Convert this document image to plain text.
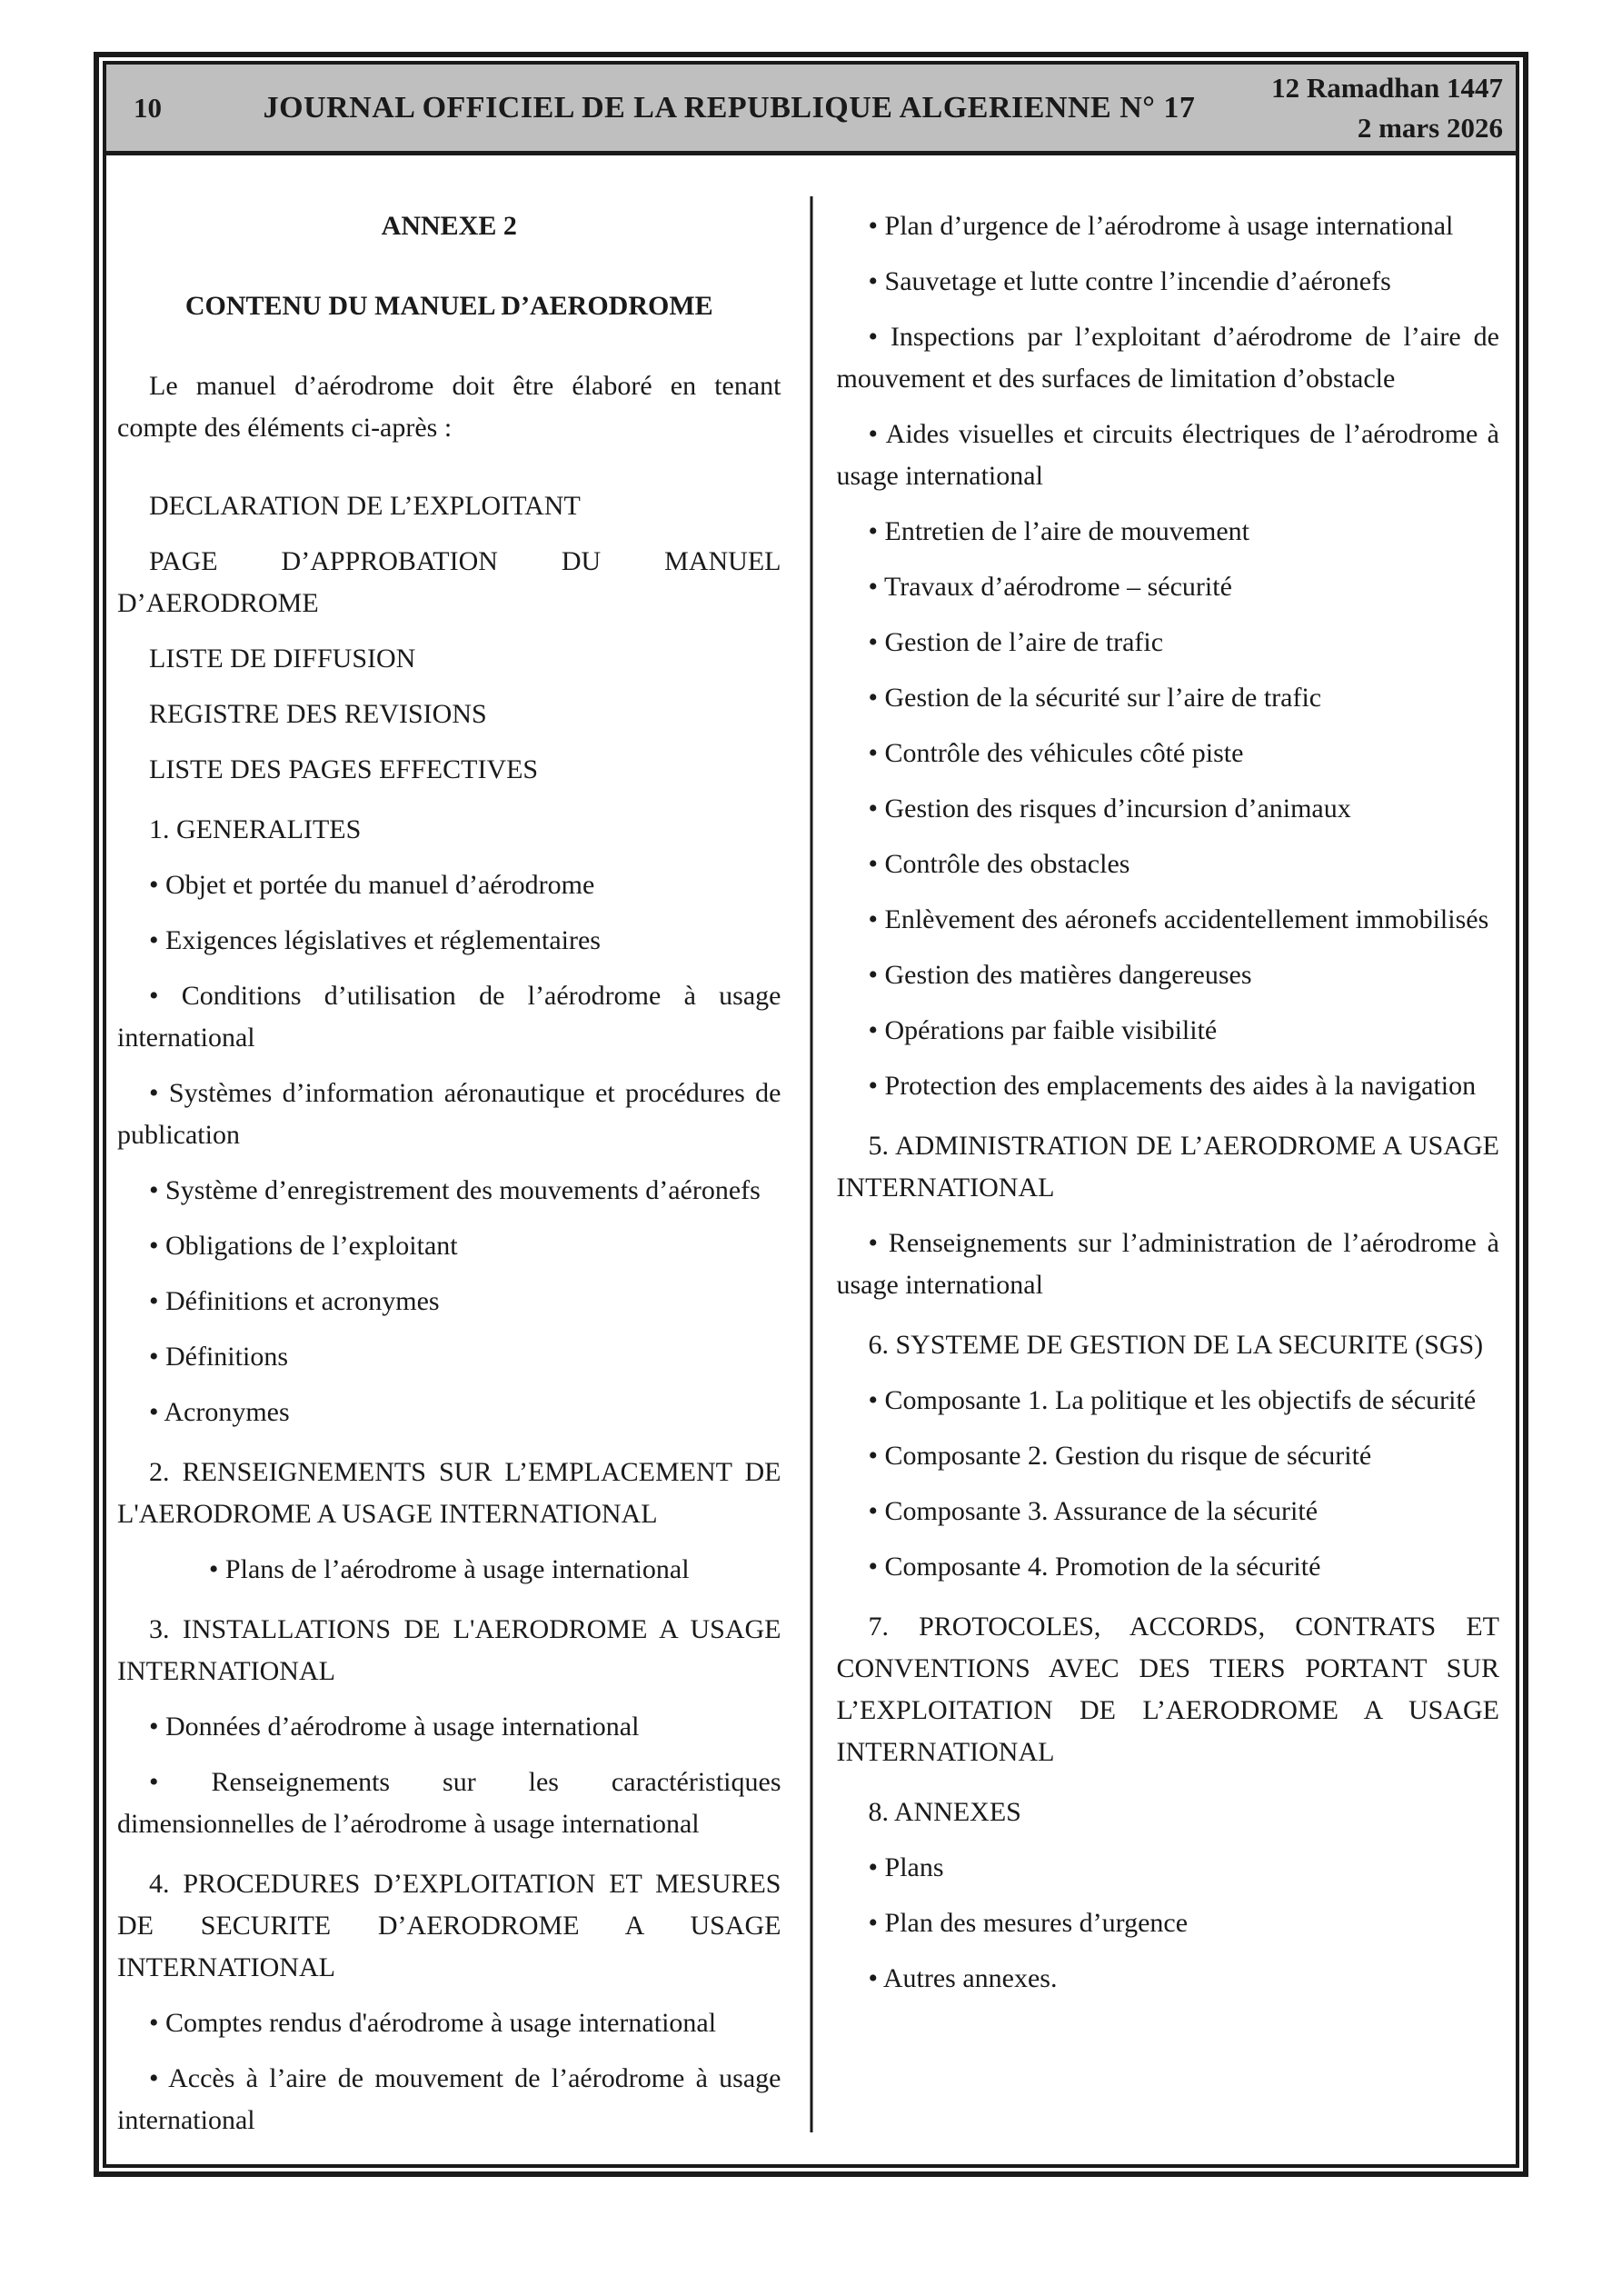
10	JOURNAL OFFICIEL DE LA REPUBLIQUE ALGERIENNE N° 17
12 Ramadhan 1447
2 mars 2026

ANNEXE 2

CONTENU DU MANUEL D’AERODROME

Le manuel d’aérodrome doit être élaboré en tenant compte des éléments ci-après :

DECLARATION DE L’EXPLOITANT

PAGE D’APPROBATION DU MANUEL D’AERODROME

LISTE DE DIFFUSION

REGISTRE DES REVISIONS

LISTE DES PAGES EFFECTIVES

1. GENERALITES

• Objet et portée du manuel d’aérodrome

• Exigences législatives et réglementaires

• Conditions d’utilisation de l’aérodrome à usage international

• Systèmes d’information aéronautique et procédures de publication

• Système d’enregistrement des mouvements d’aéronefs

• Obligations de l’exploitant

• Définitions et acronymes

• Définitions

• Acronymes

2. RENSEIGNEMENTS SUR L’EMPLACEMENT DE L'AERODROME A USAGE INTERNATIONAL

• Plans de l’aérodrome à usage international

3. INSTALLATIONS DE L'AERODROME A USAGE INTERNATIONAL

• Données d’aérodrome à usage international

• Renseignements sur les caractéristiques dimensionnelles de l’aérodrome à usage international

4. PROCEDURES D’EXPLOITATION ET MESURES DE SECURITE D’AERODROME A USAGE INTERNATIONAL

• Comptes rendus d'aérodrome à usage international

• Accès à l’aire de mouvement de l’aérodrome à usage international

• Plan d’urgence de l’aérodrome à usage international

• Sauvetage et lutte contre l’incendie d’aéronefs

• Inspections par l’exploitant d’aérodrome de l’aire de mouvement et des surfaces de limitation d’obstacle

• Aides visuelles et circuits électriques de l’aérodrome à usage international

• Entretien de l’aire de mouvement

• Travaux d’aérodrome – sécurité

• Gestion de l’aire de trafic

• Gestion de la sécurité sur l’aire de trafic

• Contrôle des véhicules côté piste

• Gestion des risques d’incursion d’animaux

• Contrôle des obstacles

• Enlèvement des aéronefs accidentellement immobilisés

• Gestion des matières dangereuses

• Opérations par faible visibilité

• Protection des emplacements des aides à la navigation

5. ADMINISTRATION DE L’AERODROME A USAGE INTERNATIONAL

• Renseignements sur l’administration de l’aérodrome à usage international

6. SYSTEME DE GESTION DE LA SECURITE (SGS)

• Composante 1. La politique et les objectifs de sécurité

• Composante 2. Gestion du risque de sécurité

• Composante 3. Assurance de la sécurité

• Composante 4. Promotion de la sécurité

7. PROTOCOLES, ACCORDS, CONTRATS ET CONVENTIONS AVEC DES TIERS PORTANT SUR L’EXPLOITATION DE L’AERODROME A USAGE INTERNATIONAL

8. ANNEXES

• Plans

• Plan des mesures d’urgence

• Autres annexes.
